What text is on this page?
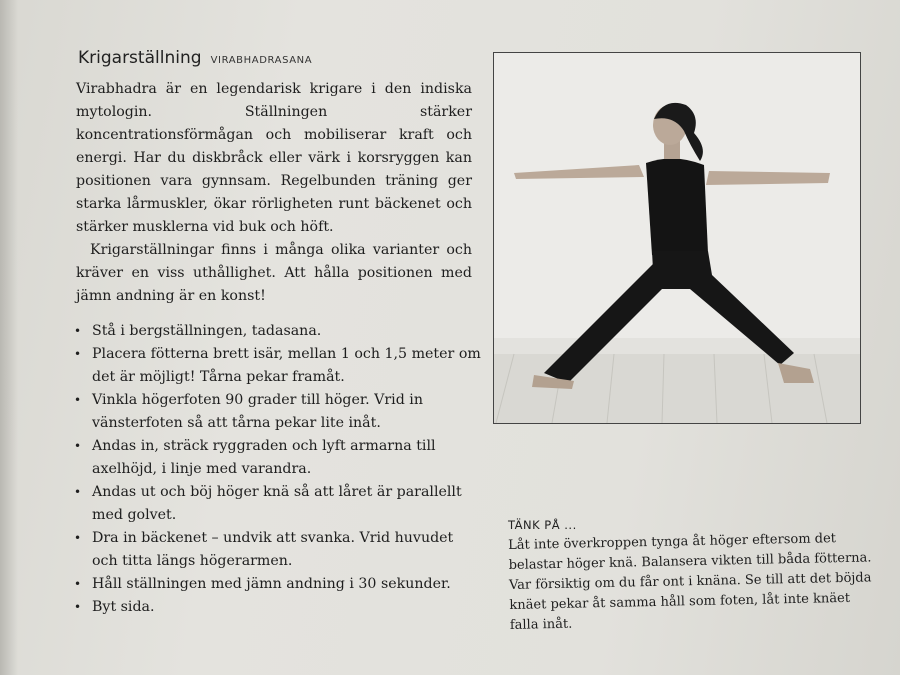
Krigarställning VIRABHADRASANA

Virabhadra är en legendarisk krigare i den indiska mytologin. Ställningen stärker koncentrationsförmågan och mobiliserar kraft och energi. Har du diskbråck eller värk i korsryggen kan positionen vara gynnsam. Regelbunden träning ger starka lårmuskler, ökar rörligheten runt bäckenet och stärker musklerna vid buk och höft.

Krigarställningar finns i många olika varianter och kräver en viss uthållighet. Att hålla positionen med jämn andning är en konst!

• Stå i bergställningen, tadasana.
• Placera fötterna brett isär, mellan 1 och 1,5 meter om det är möjligt! Tårna pekar framåt.
• Vinkla högerfoten 90 grader till höger. Vrid in vänsterfoten så att tårna pekar lite inåt.
• Andas in, sträck ryggraden och lyft armarna till axelhöjd, i linje med varandra.
• Andas ut och böj höger knä så att låret är parallellt med golvet.
• Dra in bäckenet – undvik att svanka. Vrid huvudet och titta längs högerarmen.
• Håll ställningen med jämn andning i 30 sekunder.
• Byt sida.
TÄNK PÅ ...
Låt inte överkroppen tynga åt höger eftersom det belastar höger knä. Balansera vikten till båda fötterna. Var försiktig om du får ont i knäna. Se till att det böjda knäet pekar åt samma håll som foten, låt inte knäet falla inåt.
